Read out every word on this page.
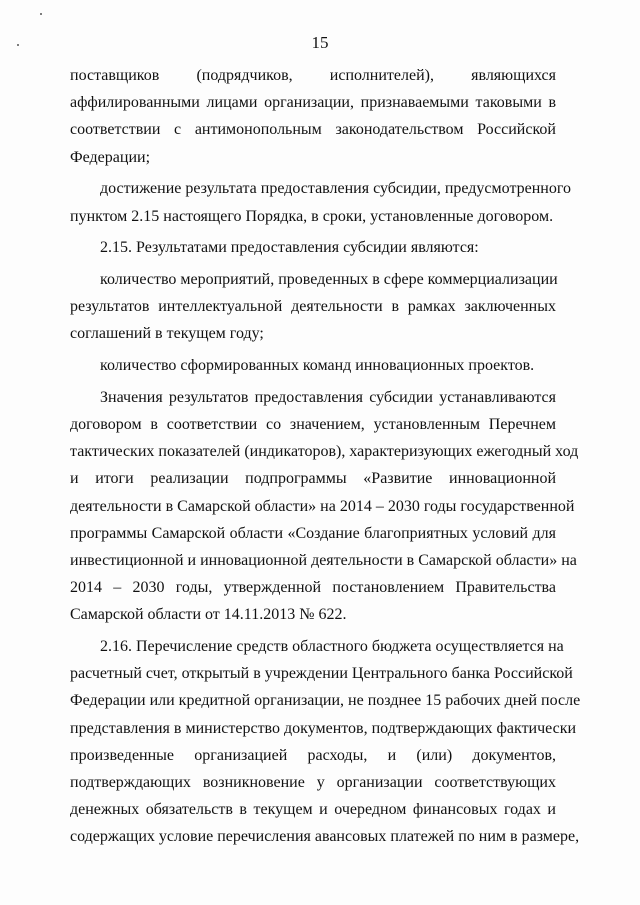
15
поставщиков (подрядчиков, исполнителей), являющихся
аффилированными лицами организации, признаваемыми таковыми в
соответствии с антимонопольным законодательством Российской
Федерации;
достижение результата предоставления субсидии, предусмотренного
пунктом 2.15 настоящего Порядка, в сроки, установленные договором.
2.15. Результатами предоставления субсидии являются:
количество мероприятий, проведенных в сфере коммерциализации
результатов интеллектуальной деятельности в рамках заключенных
соглашений в текущем году;
количество сформированных команд инновационных проектов.
Значения результатов предоставления субсидии устанавливаются
договором в соответствии со значением, установленным Перечнем
тактических показателей (индикаторов), характеризующих ежегодный ход
и итоги реализации подпрограммы «Развитие инновационной
деятельности в Самарской области» на 2014 – 2030 годы государственной
программы Самарской области «Создание благоприятных условий для
инвестиционной и инновационной деятельности в Самарской области» на
2014 – 2030 годы, утвержденной постановлением Правительства
Самарской области от 14.11.2013 № 622.
2.16. Перечисление средств областного бюджета осуществляется на
расчетный счет, открытый в учреждении Центрального банка Российской
Федерации или кредитной организации, не позднее 15 рабочих дней после
представления в министерство документов, подтверждающих фактически
произведенные организацией расходы, и (или) документов,
подтверждающих возникновение у организации соответствующих
денежных обязательств в текущем и очередном финансовых годах и
содержащих условие перечисления авансовых платежей по ним в размере,
